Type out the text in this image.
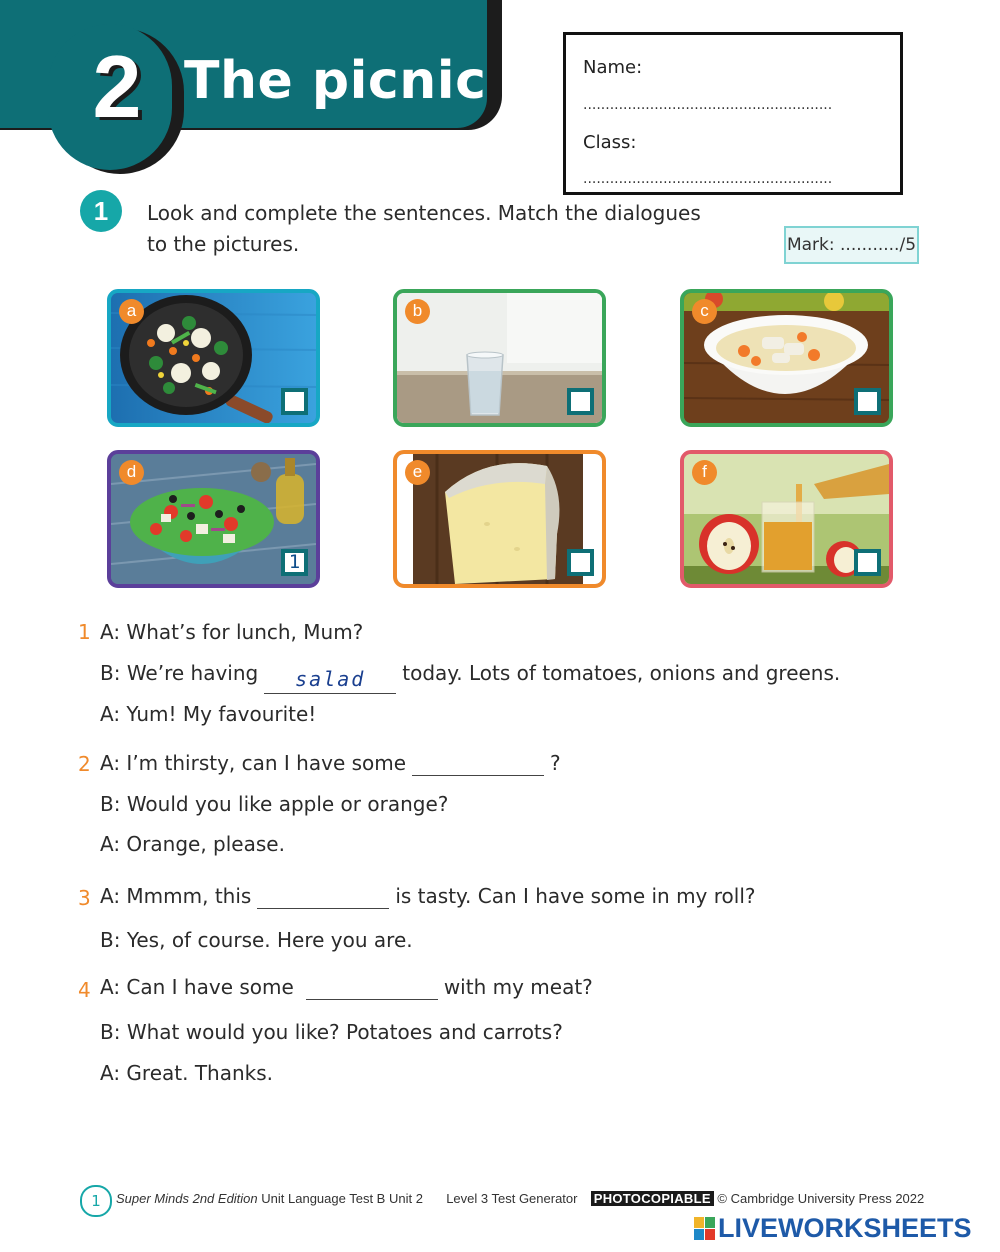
2 The picnic	Name:
........................................................
Class:
........................................................
1	Look and complete the sentences. Match the dialogues
to the pictures.	Mark: .........../5
a	b	c
d
1
e	f
1 A: What’s for lunch, Mum?
B: We’re having salad today. Lots of tomatoes, onions and greens.
A: Yum! My favourite!
2 A: I’m thirsty, can I have some	?
B: Would you like apple or orange?
A: Orange, please.
3 A: Mmmm, this	is tasty. Can I have some in my roll?
B: Yes, of course. Here you are.
4 A: Can I have some	with my meat?
B: What would you like? Potatoes and carrots?
A: Great. Thanks.
1	Super Minds 2nd Edition Unit Language Test B Unit 2 Level 3 Test Generator PHOTOCOPIABLE © Cambridge University Press 2022
LIVEWORKSHEETS
